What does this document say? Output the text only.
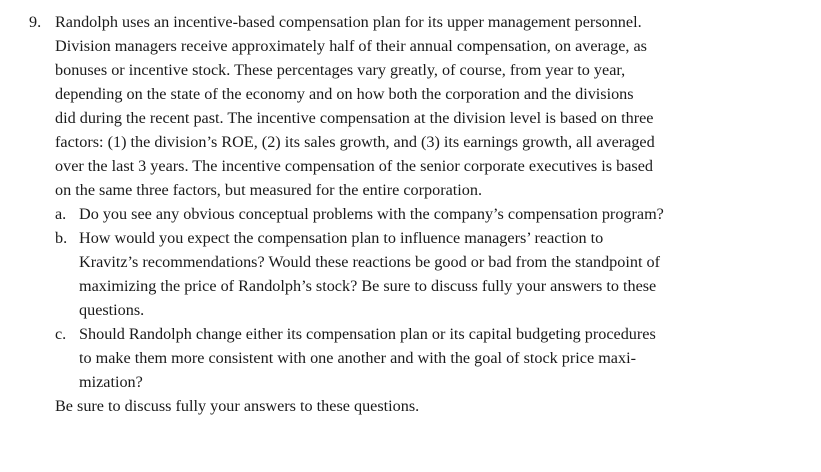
9. Randolph uses an incentive-based compensation plan for its upper management personnel.
Division managers receive approximately half of their annual compensation, on average, as
bonuses or incentive stock. These percentages vary greatly, of course, from year to year,
depending on the state of the economy and on how both the corporation and the divisions
did during the recent past. The incentive compensation at the division level is based on three
factors: (1) the division’s ROE, (2) its sales growth, and (3) its earnings growth, all averaged
over the last 3 years. The incentive compensation of the senior corporate executives is based
on the same three factors, but measured for the entire corporation.
a. Do you see any obvious conceptual problems with the company’s compensation program?
b. How would you expect the compensation plan to influence managers’ reaction to
Kravitz’s recommendations? Would these reactions be good or bad from the standpoint of
maximizing the price of Randolph’s stock? Be sure to discuss fully your answers to these
questions.
c. Should Randolph change either its compensation plan or its capital budgeting procedures
to make them more consistent with one another and with the goal of stock price maxi-
mization?
Be sure to discuss fully your answers to these questions.
